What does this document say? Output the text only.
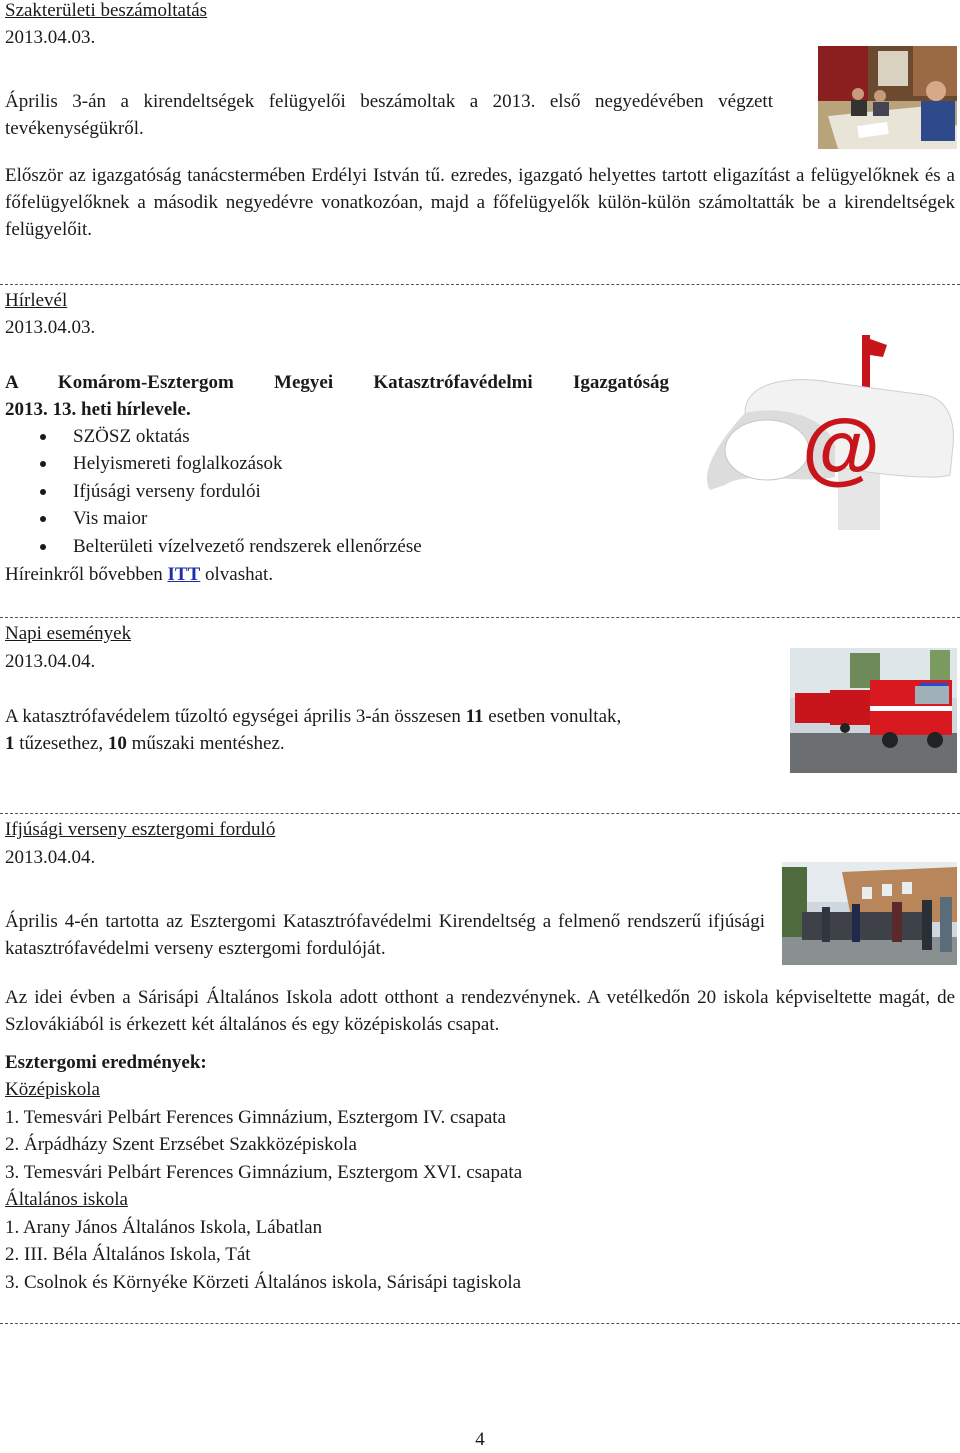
Szakterületi beszámoltatás
2013.04.03.

Április 3-án a kirendeltségek felügyelői beszámoltak a 2013. első negyedévében végzett tevékenységükről.

Először az igazgatóság tanácstermében Erdélyi István tű. ezredes, igazgató helyettes tartott eligazítást a felügyelőknek és a főfelügyelőknek a második negyedévre vonatkozóan, majd a főfelügyelők külön-külön számoltatták be a kirendeltségek felügyelőit.

Hírlevél
2013.04.03.
A Komárom-Esztergom Megyei Katasztrófavédelmi Igazgatóság
2013. 13. heti hírlevele.
SZÖSZ oktatás
Helyismereti foglalkozások
Ifjúsági verseny fordulói
Vis maior
Belterületi vízelvezető rendszerek ellenőrzése
Híreinkről bővebben ITT olvashat.
@
Napi események
2013.04.04.
A katasztrófavédelem tűzoltó egységei április 3-án összesen 11 esetben vonultak,
1 tűzesethez, 10 műszaki mentéshez.
Ifjúsági verseny esztergomi forduló
2013.04.04.

Április 4-én tartotta az Esztergomi Katasztrófavédelmi Kirendeltség a felmenő rendszerű ifjúsági katasztrófavédelmi verseny esztergomi fordulóját.

Az idei évben a Sárisápi Általános Iskola adott otthont a rendezvénynek. A vetélkedőn 20 iskola képviseltette magát, de Szlovákiából is érkezett két általános és egy középiskolás csapat.

Esztergomi eredmények:
Középiskola
1. Temesvári Pelbárt Ferences Gimnázium, Esztergom IV. csapata
2. Árpádházy Szent Erzsébet Szakközépiskola
3. Temesvári Pelbárt Ferences Gimnázium, Esztergom XVI. csapata
Általános iskola
1. Arany János Általános Iskola, Lábatlan
2. III. Béla Általános Iskola, Tát
3. Csolnok és Környéke Körzeti Általános iskola, Sárisápi tagiskola
4
